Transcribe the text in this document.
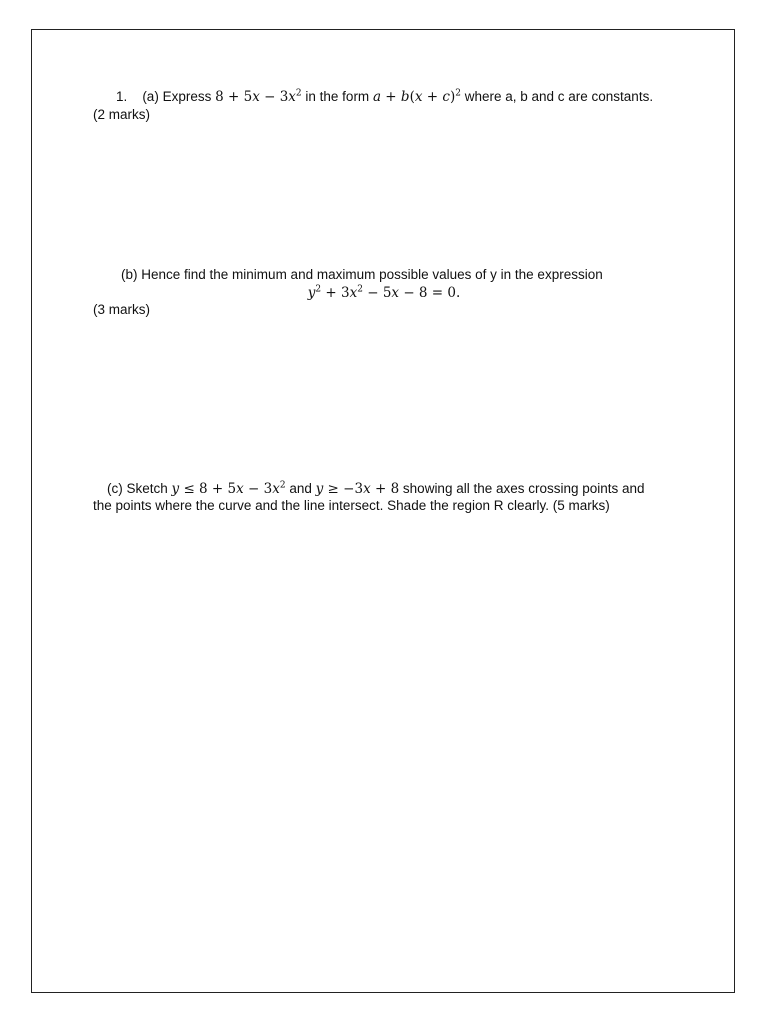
1. (a) Express $8 + 5x - 3x^2$ in the form $a + b(x + c)^2$ where a, b and c are constants.
(2 marks)
(b) Hence find the minimum and maximum possible values of y in the expression
$y^2 + 3x^2 - 5x - 8 = 0$.
(3 marks)
(c) Sketch $y \le 8 + 5x - 3x^2$ and y ≥ −3x + 8 showing all the axes crossing points and
the points where the curve and the line intersect. Shade the region R clearly. (5 marks)
